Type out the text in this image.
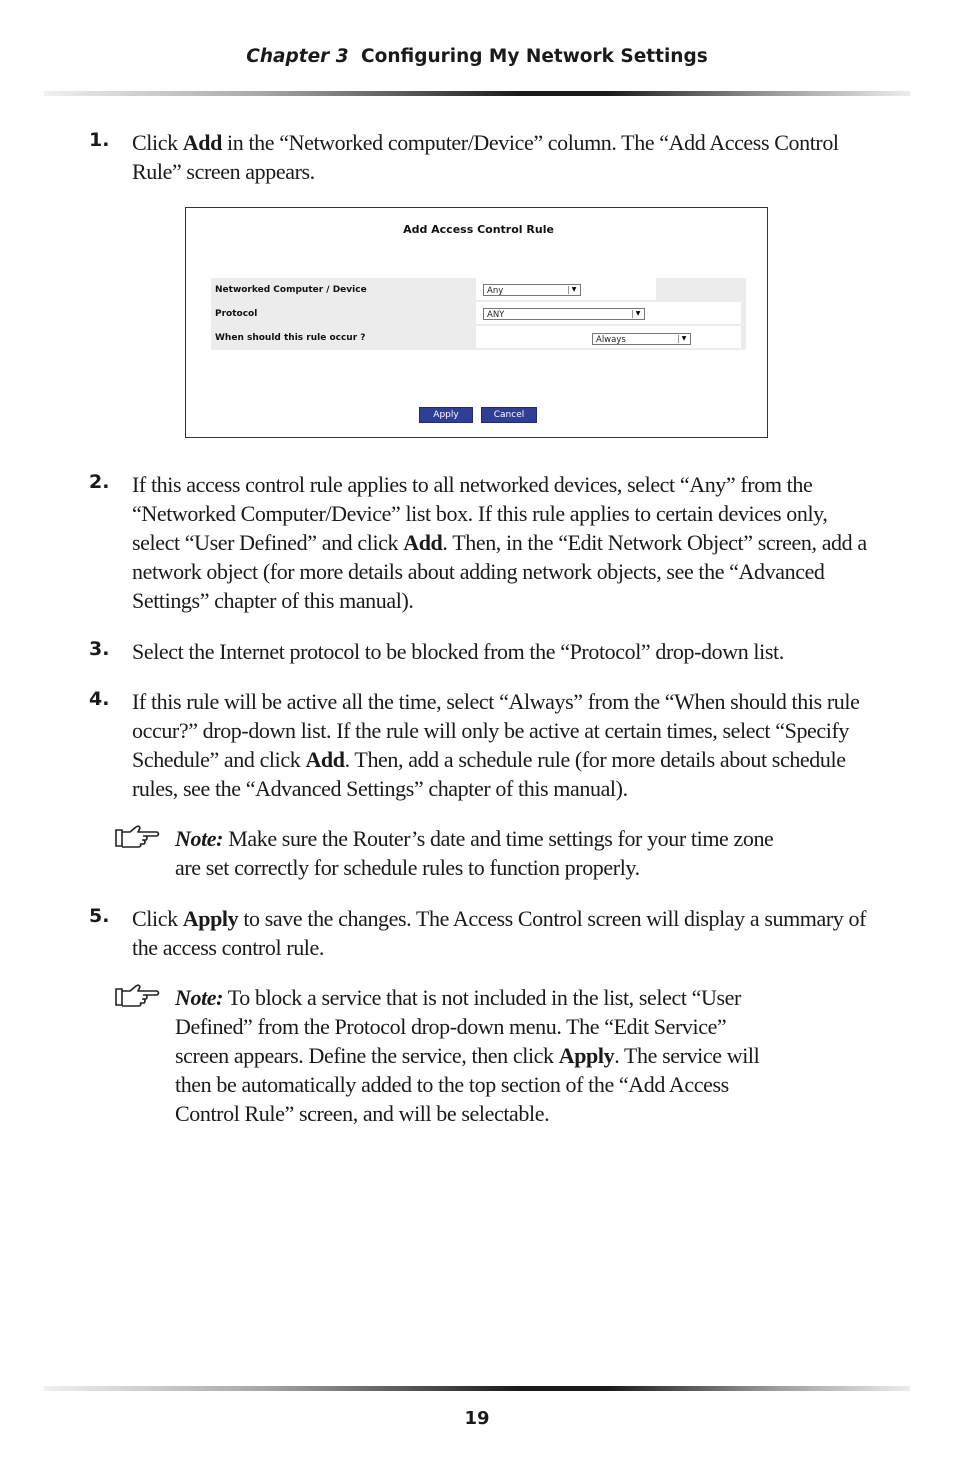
Chapter 3 Configuring My Network Settings
1. Click Add in the “Networked computer/Device” column. The “Add Access Control Rule” screen appears.
Add Access Control Rule
Networked Computer / Device	Any	▼
Protocol	ANY	▼
When should this rule occur ?	Always	▼
Apply	Cancel
2. If this access control rule applies to all networked devices, select “Any” from the “Networked Computer/Device” list box. If this rule applies to certain devices only, select “User Defined” and click Add. Then, in the “Edit Network Object” screen, add a network object (for more details about adding network objects, see the “Advanced Settings” chapter of this manual).
3. Select the Internet protocol to be blocked from the “Protocol” drop-down list.
4. If this rule will be active all the time, select “Always” from the “When should this rule occur?” drop-down list. If the rule will only be active at certain times, select “Specify Schedule” and click Add. Then, add a schedule rule (for more details about schedule rules, see the “Advanced Settings” chapter of this manual).
Note: Make sure the Router’s date and time settings for your time zone are set correctly for schedule rules to function properly.
5. Click Apply to save the changes. The Access Control screen will display a summary of the access control rule.
Note: To block a service that is not included in the list, select “User Defined” from the Protocol drop-down menu. The “Edit Service” screen appears. Define the service, then click Apply. The service will then be automatically added to the top section of the “Add Access Control Rule” screen, and will be selectable.
19
